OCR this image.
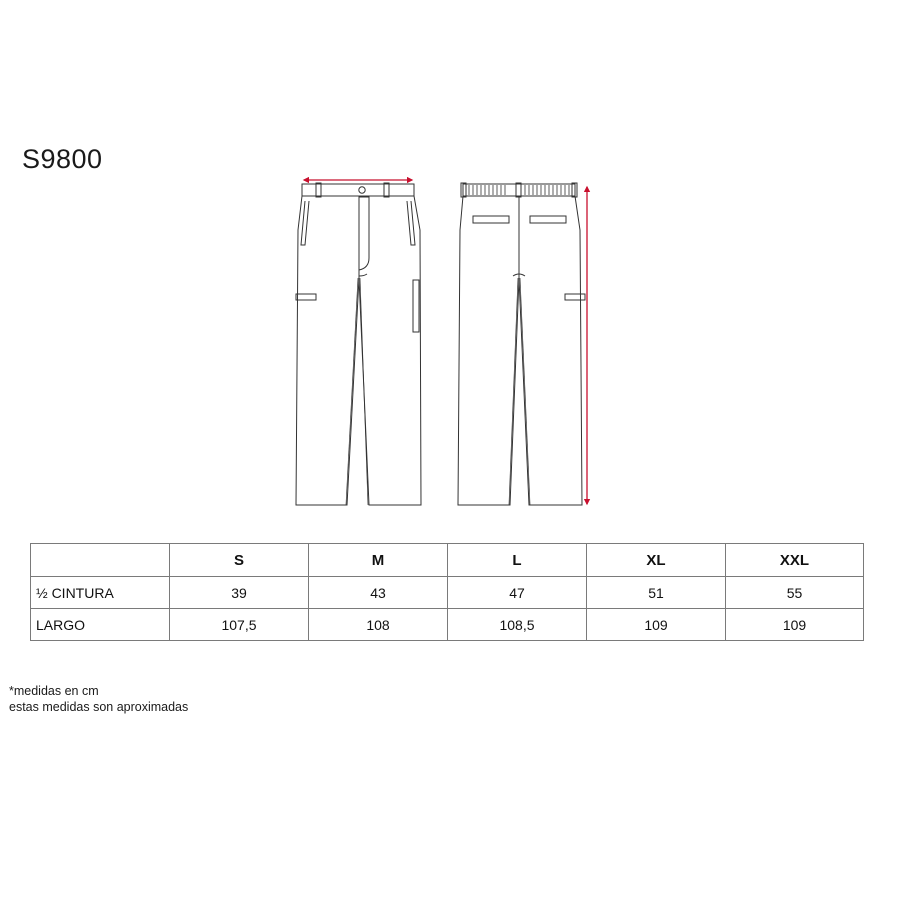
S9800
	S	M	L	XL	XXL
½ CINTURA	39	43	47	51	55
LARGO	107,5	108	108,5	109	109
*medidas en cm
estas medidas son aproximadas
